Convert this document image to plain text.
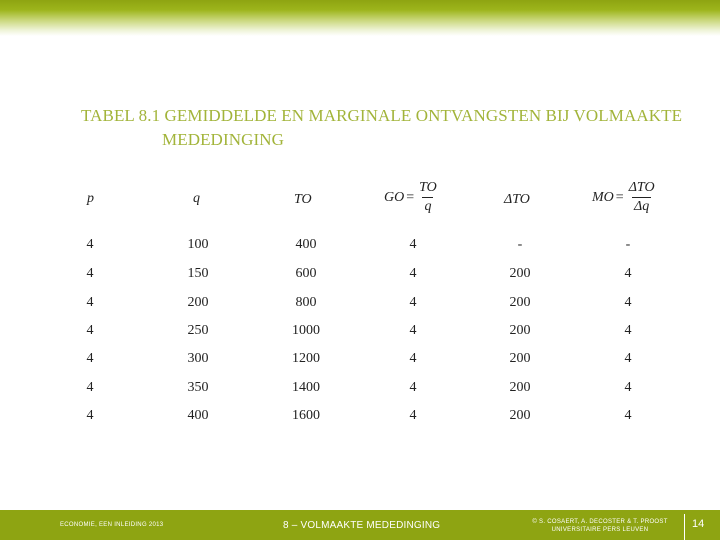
TABEL 8.1 GEMIDDELDE EN MARGINALE ONTVANGSTEN BIJ VOLMAAKTE
MEDEDINGING
p	q	TO	GO = $\frac{TO}{q}$	ΔTO	MO = $\frac{\text{ΔTO}}{\Delta q}$
4	100	400	4	-	-
4	150	600	4	200	4
4	200	800	4	200	4
4	250	1000	4	200	4
4	300	1200	4	200	4
4	350	1400	4	200	4
4	400	1600	4	200	4
ECONOMIE, EEN INLEIDING 2013	8 – VOLMAAKTE MEDEDINGING	© S. COSAERT, A. DECOSTER & T. PROOST
UNIVERSITAIRE PERS LEUVEN	14
